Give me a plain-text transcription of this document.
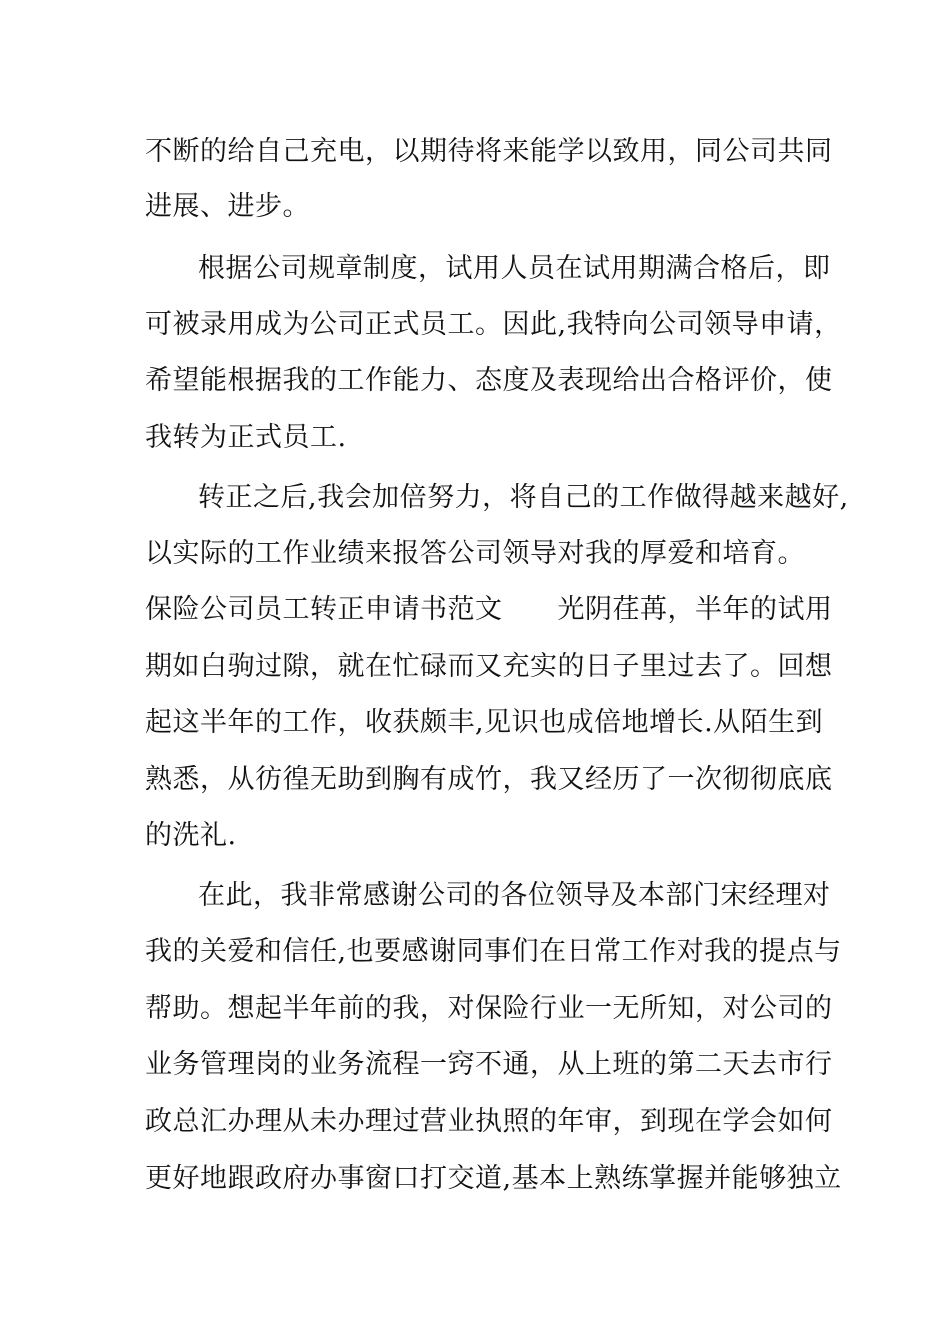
不断的给自己充电，以期待将来能学以致用，同公司共同
进展、进步。
根据公司规章制度，试用人员在试用期满合格后，即
可被录用成为公司正式员工。因此,我特向公司领导申请，
希望能根据我的工作能力、态度及表现给出合格评价，使
我转为正式员工.
转正之后,我会加倍努力，将自己的工作做得越来越好,
以实际的工作业绩来报答公司领导对我的厚爱和培育。
保险公司员工转正申请书范文　　光阴荏苒，半年的试用
期如白驹过隙，就在忙碌而又充实的日子里过去了。回想
起这半年的工作，收获颇丰,见识也成倍地增长.从陌生到
熟悉，从彷徨无助到胸有成竹，我又经历了一次彻彻底底
的洗礼.
在此，我非常感谢公司的各位领导及本部门宋经理对
我的关爱和信任,也要感谢同事们在日常工作对我的提点与
帮助。想起半年前的我，对保险行业一无所知，对公司的
业务管理岗的业务流程一窍不通，从上班的第二天去市行
政总汇办理从未办理过营业执照的年审，到现在学会如何
更好地跟政府办事窗口打交道,基本上熟练掌握并能够独立
